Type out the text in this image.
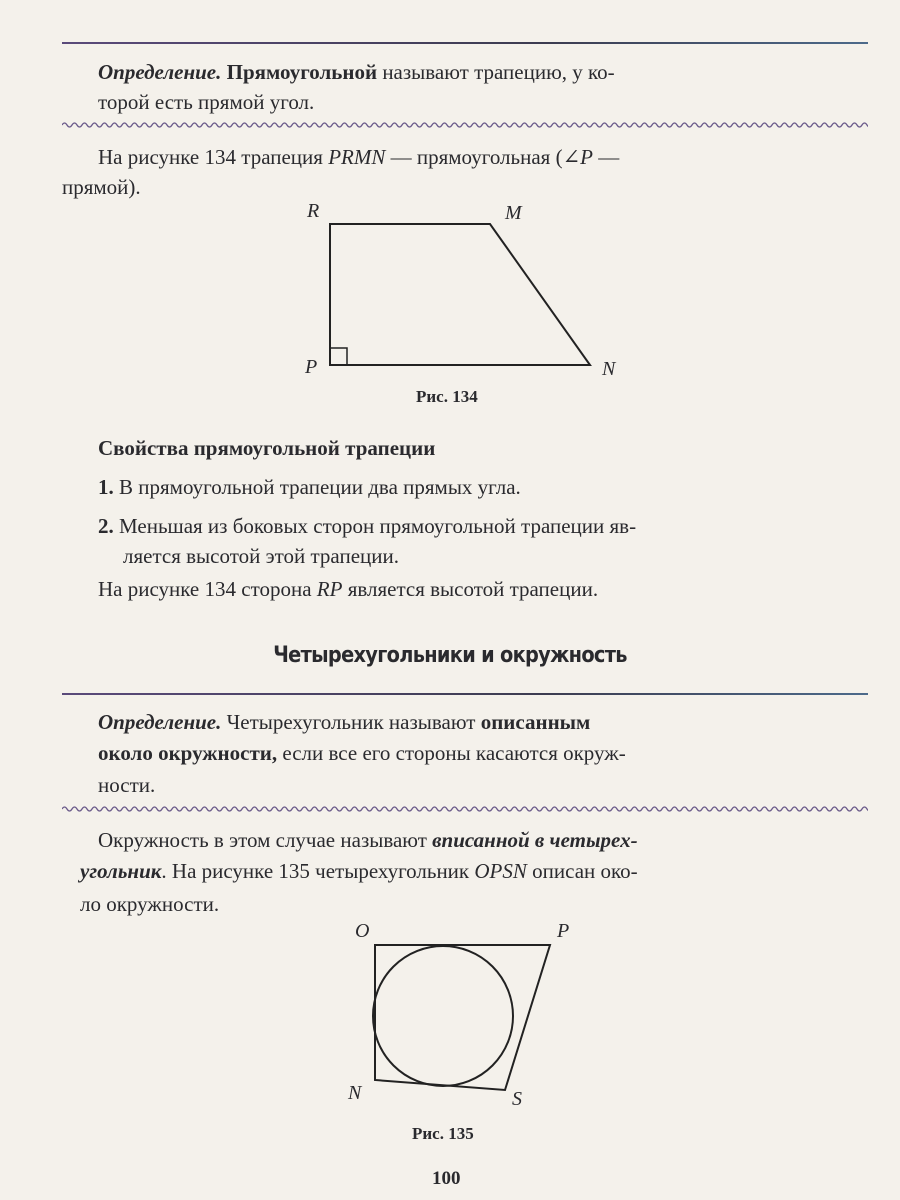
Определение. Прямоугольной называют трапецию, у ко-
торой есть прямой угол.
На рисунке 134 трапеция PRMN — прямоугольная (∠P —
прямой).
R	M
P	N
Рис. 134
Свойства прямоугольной трапеции
1. В прямоугольной трапеции два прямых угла.
2. Меньшая из боковых сторон прямоугольной трапеции яв-
ляется высотой этой трапеции.
На рисунке 134 сторона RP является высотой трапеции.
Четырехугольники и окружность
Определение. Четырехугольник называют описанным
около окружности, если все его стороны касаются окруж-
ности.
Окружность в этом случае называют вписанной в четырех-
угольник. На рисунке 135 четырехугольник OPSN описан око-
ло окружности.
O	P
N	S
Рис. 135
100
